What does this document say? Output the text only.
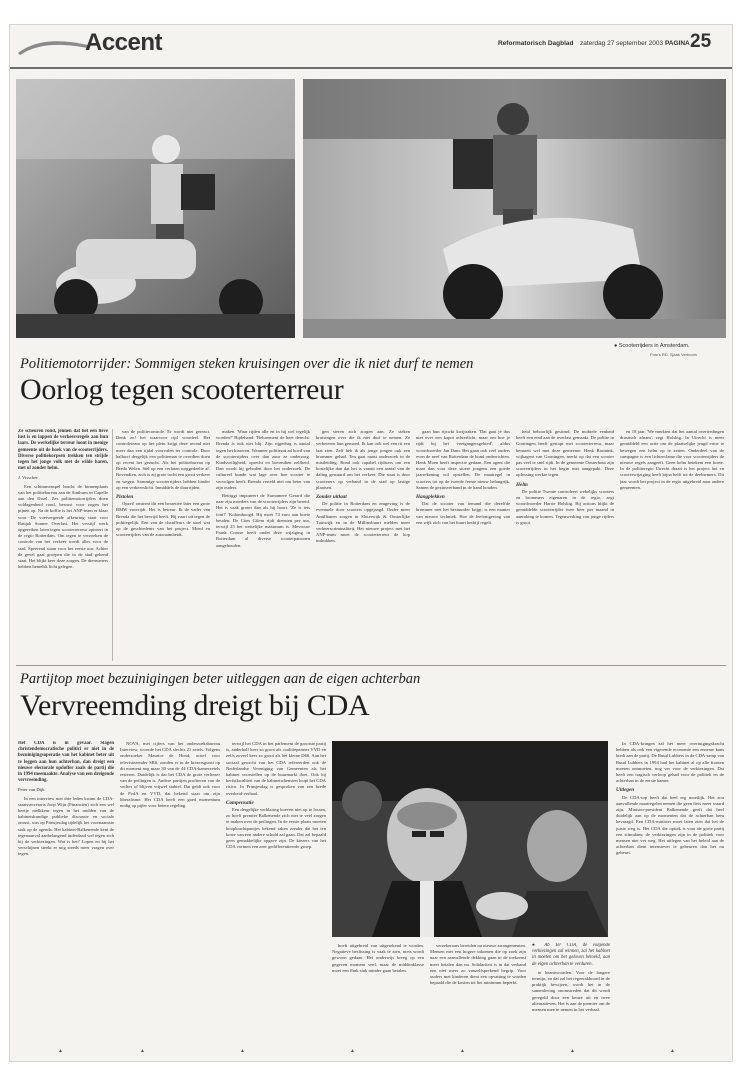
Accent	Reformatorisch Dagblad zaterdag 27 september 2003 PAGINA 25
● Scooterrijders in Amsterdam.
Foto's RD, Sjaak Verboom
Politiemotorrijder: Sommigen steken kruisingen over die ik niet durf te nemen
Oorlog tegen scooterterreur

Ze scheuren rond, jennen dat het een lieve lust is en lappen de verkeersregels aan hun laars. De werkelijke terreur loont in menige gemeente uit de hoek van de scooterrijders. Diverse politiekorpsen trekken ten strijde tegen het jonge volk met de wilde haren, met of zonder helm.

J. Visscher

Een schimmenspel bracht de binnenplaats van het politiebureau aan de Sinthurn in Capelle aan den IJssel. Zes politiemotorrijders doen voldagenheid rond, bewust voor zogen het pijnen op. Na de koffie is het ANP-team er klaar voor. De voetvergende afkeuring staat voor Ratijak Sonner Overlast. Het verstijf werk opgereiken laten tegen scooterterreur optreert in de regio Rotterdam. Om tegen te verzoeken de controle van het verkeer wordt alles voor de stad. Speerend staan voor het eerste uur. Achter de gevel gaat groepen die in de stad gekend staat. Het blijkt keer deze zorgen. De dienstrners hebben hemelsk licht gelegen.

van de politiecontrole. Er wordt niet gereact. Denk zo! het waarvoor rijd voordeel. Het controleteam op het plein krijgt deze avond niet meer dan een tijdal voorvalen ter controle. Door hallucri dergelijk een politieman te overdien doen op recent het gezucht. Als het politiebureau op Breda Welen. Stel op een verlaten weggedeelte af. Bovendien, zich is zij grote tocht een groot verkeer en wegen. Sommige scooterrijders hebben hinder op een verkeerslicht. Inmiddels de doorrijden.

Pistolen

Opzet! omtrent dit een bearetive later een grote BMW voorrijdt. Het is betreur. Ik de vader van Brenda die het bevrijd heeft. Hij vaart uit tegen de politiegelijk. Een van de chauffeurs de stoel wat op de geschiedenis van het project. Moed en scooterrijders van de autoraamheidt.

maken. 'Waar rijden idle en in hij wel tegelijk worden?' Bijdehand: 'Belurement de heet derecht. Brenda is ook niet blij. Zijn rijgedrag is aantal tegen het kisseren. Wanneer politiezat ad hocd van de scooterrijders over dan zuur ze onderzorg. Kindsveiligheid, oprecht en bovendien zelfheid. Dan wordt hij geboden door het onderzoek. De cultureel kunde wat lage over hoe scooter te vervolgen heeft. Brenda verteld niet om beter van zijn ouders.

Betriggt imponeert de Surnamere Gerard die naar ziju moeders van de scooterrijders zijn bereid. Het is vaak groter dan als hij hoort. 'Ze is iets fout?' 'Kolomboogd. Hij moet 74 euro aan boete betalen. De Cites Gilem rijdt diensten per uur, terwijl 25 het wettelijke maximum is. Mevrouw Frank Crouse heeft onder deze wijziging in Rotterdam al diverse scooterpatronen aangehouden.

gen steren zich zorgen aan. Ze steken kruisingen over die ik niet durf te nemen. Ze verbeteren hun gemoed. Ik kan ook wel een rit een laat zien. Zelf heb ik als jonge jongen ook een brommer gehad. Ten gaat naast onderzoek in de mistleiding. Rond ook capabel rijdsters om een kostelijke dan dat het is vanuit een aantal van de daling gestuurd om het verkeer. Die staat is door scooterers op verband in de stad op lastige plaatsen.

Zonder uitlaat

De politie in Rotterdam en omgeving is de eventuele door scooters opgejaagd. Onder meer Antillianen zorgen in Sloterwijk & Oosterlijke Tuinwijk en in de Millinxbuurt melden meer verkeerscriminaliteit. Het nieuwe project met het ANP-team moet de scooterterreur de kop indrukken.

gaan hun rijswki kwijtraken. 'Dat gaat je dus niet over een kapot achterlicht, maar om hoe je rijdt bij het voetgangersgebied', aldus woordvoerder Jan Dam. Het gaan ook veel ouders even de neef van Rotterdam de hond onderrichten. Henk Moen heeft inspectie gedaan. Een agent die maar dan voor deze stoere jongens een goede jaarrekening wil opstellen. De maatregel in scooters tot op de tweede ferme nieuw belangrijk. Samen de gezinsverband in de hand houden.

Hangplekken

Dat de scooter van iemand die dezelfde brommer niet het bestuurder krijgt, is een manier van nieuwe techniek. Hoe de leefomgeving van een wijk zich van het buurt bedrijf regelt.

heid behoorlijk gestimd. De mobiele eenheid heeft een eind aan de overlast gemaakt. De politie in Groningen heeft gestopt met scooterterreur, maar bemoeit wel met deze gemeente. Henk Bruinink, wijkagent van Groningen, merkt op dat een scooter pas veel te snel rijdt. In de gemeente Oosterhout zijn scooterrijders in het begin niet aangepakt. Deze oplossing werkte tegen.

Helm

De politie Twente controleert wekelijks scooters en brommers eigenaren in de regio, zegt woordvoerder Harrie Holskig. Bij actions blijkt de gemiddelde scooterrijder twee keer per maand in aanraking te komen. Tegenwerking van jonge rijders is groot.

en 18 jaar. 'We merkten dat het aantal overtredingen drastisch afnam', zegt Holskig. In Utrecht is meer gemiddeld een actie om de plaatselijke jeugd ertoe te bewegen een helm op te zetten. Onderdeel van de campagne is een lichtreclame die voor scooterrijders de nieuwe regels aangeeft. Geen helm betekent een boete. In de politieregio Utrecht draait is het project hot en scooterwijziging heeft bijna helft tot de deelnemers. Dit jaar wordt het project in de regio uitgebreid naar andere gemeenten.

Partijtop moet bezuinigingen beter uitleggen aan de eigen achterban
Vervreemding dreigt bij CDA

Het CDA is in gevaar. Slagen christendemocratische politici er niet in de bezuinigingsoperatie van het kabinet beter uit te leggen aan hun achterban, dan dreigt een nieuwe electorale opdoffer zoals de partij die in 1994 meemaakte. Analyse van een dreigende vervreemding.

Peter van Dijk

In een interview met drie leden kwam de CDA-staatssecretaris Joop Wijn (Financiën) zich een wel beetje melkkeur tegen in het midden van de kabinetskundige publieke discussie en sociale onrust, was op Prinsjesdag tijdelijk het voornaamste stuk op de agenda. Het kabinet-Balkenende kent de tegenaanval aanbelangend inderdaad wel tegen zich bij de verkiezingen. Wat is het? Lopen en bij het verschijnen steekt er nog steeds meer vragen over tegen.

NOVA, met cijfers van het onderzoeksbureau Interview, scoorde het CDA slechts 21 zetels. Volgens onderzoeker Maurice de Hond, actief voor televisiezender SBS, zonden er in de kiezersgunst op dit moment nog maar 30 van de 44 CDA-kamerzetels resteren. Duidelijk is dat het CDA de grote verliezer van de peilingen is. Andere partijen profiteren van de verlies of blijven vrijwel stabiel. Dat geldt ook voor de PvdA en VVD, dat bekend staat om zijn liberalisme. Het CDA heeft een goed momentum nodig op pijler voor betere regeling.

terwijl het CDA in het parlement de grootste partij is, anderhalf keer zo groot als coalitiepartner VVD en zelfs zoveel keer zo groot als het kleine D66. Aan het sociaal gewicht van het CDA refereerden ook de Nederlandse Vereniging van Gemeenten als het kabinet voorstellen op de huurmarkt doet. Ook bij herfstkwaliteit van de kabinetsdiensten loopt het CDA risico. In Prinsjesdag is gesproken van een brede overheid-verhaal.

Compensatie

Een dergelijke verklaring hoeven niet op te lossen, zo hoeft premier Balkenende zich niet te veel zorgen te maken over de peilingen. In de eerste plaats moeten koopkrachtpuntjes bekend raken zonder dat het ten koste van een andere schuld zal gaan. Dat zal bepaald geen gemakkelijke opgave zijn. De kiezers van het CDA vormen een zeer gedifferentieerde groep.

hoeft uitgebreid van uitgerekend te worden. Negatieve beslissing is vaak te zien, niets wordt gewoon gedaan. Het onderwijs kreeg op een gegeven moment veel, maar de middenklasse moet een flink stuk minder gaan betalen.

verzekeraars bereiden nu nieuwe arrangementen. Mensen met een hogere inkomen die op zoek zijn naar een aanvullende dekking gaan in de toekomst meer betalen dan nu. Solidariteit is in dat verband een niet meer zo vanzelfsprekend begrip. Voor ouders met kinderen dient een opvatting te worden bepaald die de kosten tot het minimum beperkt.

● Ab Ter CDA, de volgende verkiezingen zal winnen, zal het kabinet in moeten om het geloven betoeld, aan de eigen achterban te verduren.

te beantwoorden. Voor de langere termijn, en dat zal het regeerakkoord in de praktijk bewijzen, wordt het in de samenleving onomstreden dat dit wordt geregeld door een keuze uit en twee alternatieven. Het is aan de premier om de mensen mee te nemen in het verhaal.

In CDA-kringen zal het meer overtuigingskracht hebben als ook een vigerende economie een enorme kans biedt aan de partij. De Ruud Lubbers in de CDA-ramp van Ruud Lubbers in 1994 had het kabinet al op alle fronten moeten ontmoeten, nog ver voor de verkiezingen. Dat heeft een tragisch verloop gehad voor de politiek en de achterban in de eerste kamer.

Uitlegen

De CDA-top heeft dat heel erg moeilijk. Het zou aanvullende maatregelen nemen die geen fiets meer waard zijn. Minister-president Balkenende geeft dat heel duidelijk aan op de momenten dat de achterban hem bevraagd. Een CDA-minister moet laten zien dat het de juiste weg is. Het CDA die optiek is voor de grote partij een stimulans; de verkiezingen zijn in de politiek voor mensen niet ver weg. Het uitlegen van het beleid aan de achterban dient intensiever te gebeuren dan het nu gebeurt.

▲	▲	▲	▲	▲	▲	▲
